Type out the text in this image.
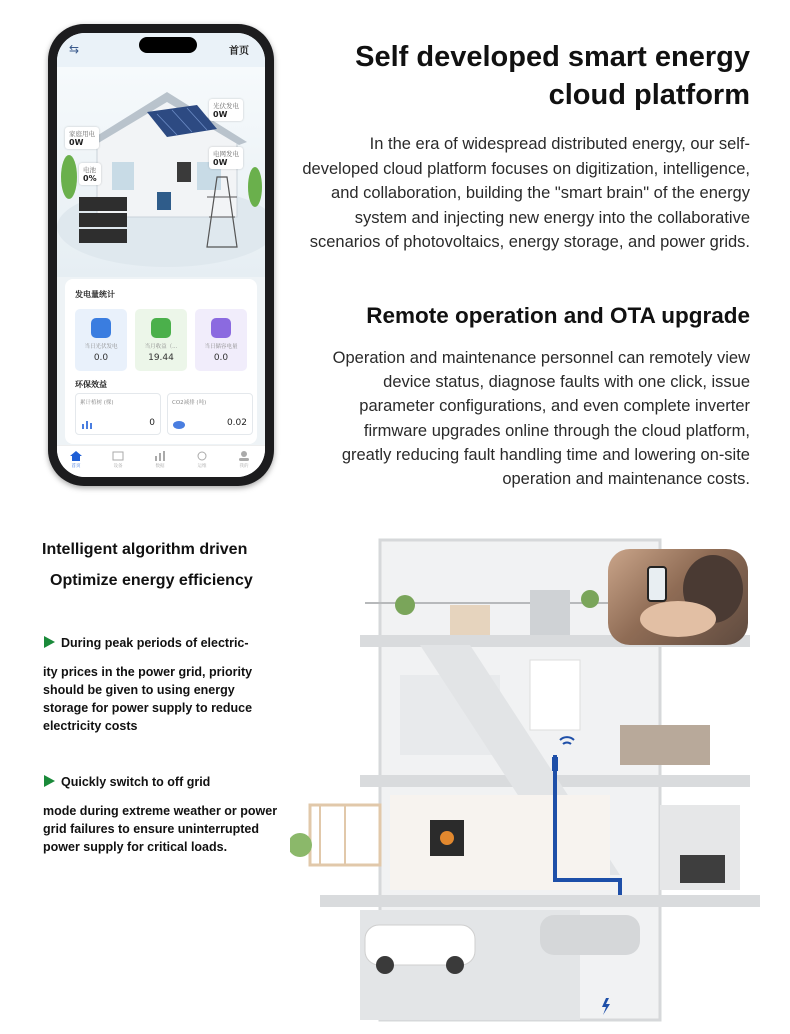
⇆	首页
光伏发电
0W
家庭用电
0W
电网发电
0W
电池
0%
发电量统计
当日光伏发电
0.0
当月收益（...
19.44
当日储容电量
0.0
环保效益
累计植树 (棵)
0
CO2减排 (吨)
0.02
首页	设备	数据	运维	我的
Self developed smart energy cloud platform

In the era of widespread distributed energy, our self-developed cloud platform focuses on digitization, intelligence, and collaboration, building the "smart brain" of the energy system and injecting new energy into the collaborative scenarios of photovoltaics, energy storage, and power grids.

Remote operation and OTA upgrade

Operation and maintenance personnel can remotely view device status, diagnose faults with one click, issue parameter configurations, and even complete inverter firmware upgrades online through the cloud platform, greatly reducing fault handling time and lowering on-site operation and maintenance costs.

Intelligent algorithm driven
Optimize energy efficiency
During peak periods of electric-
ity prices in the power grid, priority should be given to using energy storage for power supply to reduce electricity costs
Quickly switch to off grid
mode during extreme weather or power grid failures to ensure uninterrupted power supply for critical loads.
